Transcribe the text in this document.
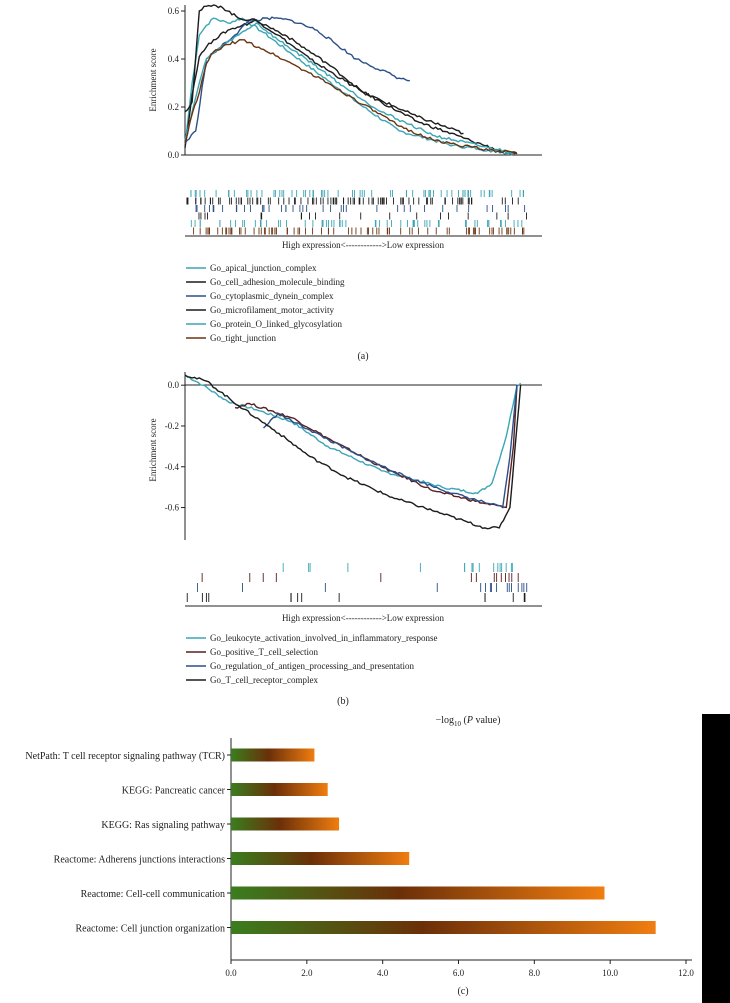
0.0
0.2
0.4
0.6
Enrichment score
High expression<------------>Low expression
Go_apical_junction_complex
Go_cell_adhesion_molecule_binding
Go_cytoplasmic_dynein_complex
Go_microfilament_motor_activity
Go_protein_O_linked_glycosylation
Go_tight_junction
(a)
0.0
-0.2
-0.4
-0.6
Enrichment score
High expression<------------>Low expression
Go_leukocyte_activation_involved_in_inflammatory_response
Go_positive_T_cell_selection
Go_regulation_of_antigen_processing_and_presentation
Go_T_cell_receptor_complex
(b)
$-\log_{10}$ (P value)
NetPath: T cell receptor signaling pathway (TCR)
KEGG: Pancreatic cancer
KEGG: Ras signaling pathway
Reactome: Adherens junctions interactions
Reactome: Cell-cell communication
Reactome: Cell junction organization
0.0	2.0	4.0	6.0	8.0	10.0	12.0
(c)
